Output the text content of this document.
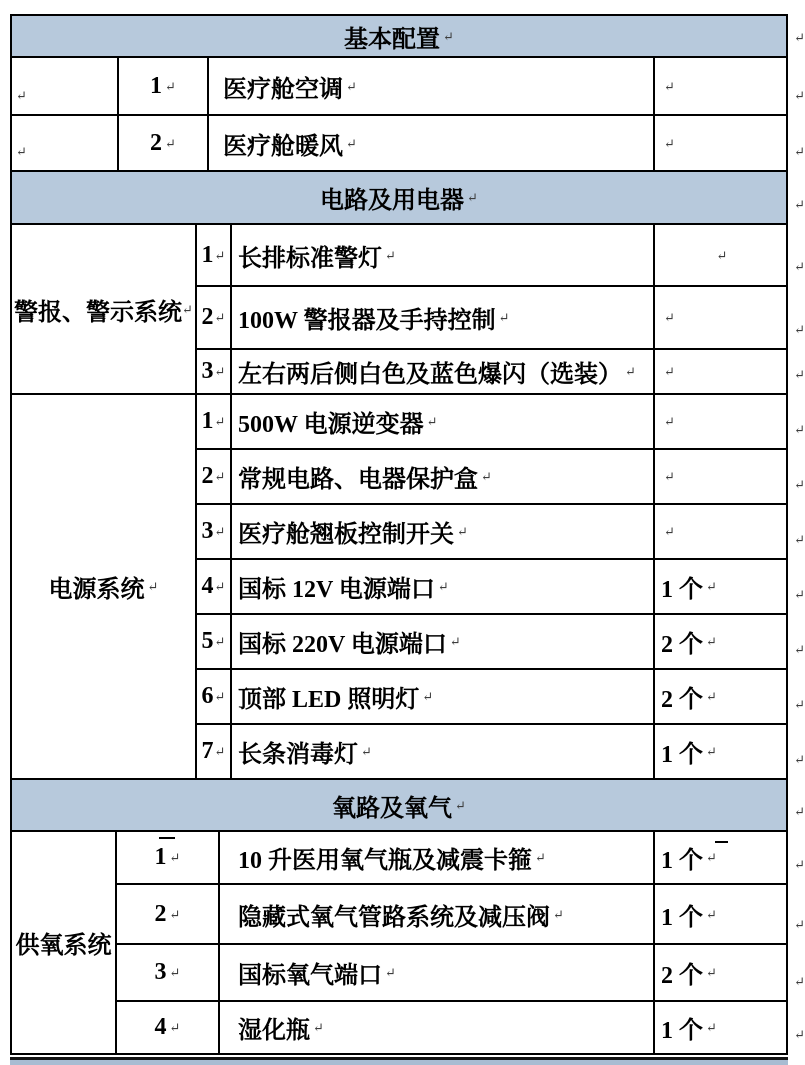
基本配置 ↵	↵
↵	1 ↵ 医疗舱空调 ↵	↵
↵
↵	2 ↵ 医疗舱暖风 ↵	↵
↵
电路及用电器 ↵	↵
警报、警示系统 ↵
1 ↵ 长排标准警灯 ↵	↵
↵
2 ↵ 100W 警报器及手持控制 ↵	↵
↵
3 ↵ 左右两后侧白色及蓝色爆闪（选装） ↵ ↵	↵
电源系统 ↵
1 ↵ 500W 电源逆变器 ↵	↵
↵
2 ↵ 常规电路、电器保护盒 ↵	↵
↵
3 ↵ 医疗舱翘板控制开关 ↵	↵
↵
4 ↵ 国标 12V 电源端口 ↵	1 个 ↵
↵
5 ↵ 国标 220V 电源端口 ↵	2 个 ↵
↵
6 ↵ 顶部 LED 照明灯 ↵	2 个 ↵
↵
7 ↵ 长条消毒灯 ↵	1 个 ↵
↵
氧路及氧气 ↵	↵
供氧系统
1 ↵ 10 升医用氧气瓶及减震卡箍 ↵	1 个 ↵	↵
2 ↵ 隐藏式氧气管路系统及减压阀 ↵	1 个 ↵
↵
3 ↵ 国标氧气端口 ↵	2 个 ↵
↵
4 ↵ 湿化瓶 ↵	1 个 ↵	↵
